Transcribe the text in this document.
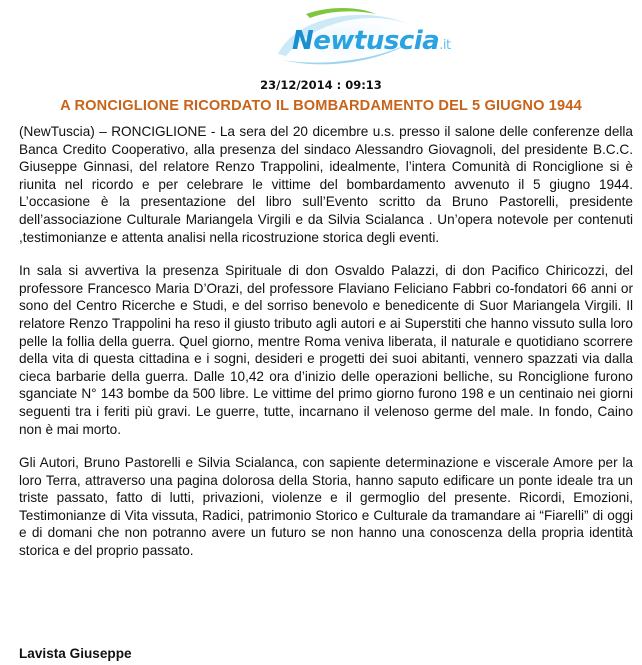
Newtuscia.it
23/12/2014 : 09:13
A RONCIGLIONE RICORDATO IL BOMBARDAMENTO DEL 5 GIUGNO 1944

(NewTuscia) – RONCIGLIONE - La sera del 20 dicembre u.s. presso il salone delle conferenze della Banca Credito Cooperativo, alla presenza del sindaco Alessandro Giovagnoli, del presidente B.C.C. Giuseppe Ginnasi, del relatore Renzo Trappolini, idealmente, l’intera Comunità di Ronciglione si è riunita nel ricordo e per celebrare le vittime del bombardamento avvenuto il 5 giugno 1944. L’occasione è la presentazione del libro sull’Evento scritto da Bruno Pastorelli, presidente dell’associazione Culturale Mariangela Virgili e da Silvia Scialanca . Un’opera notevole per contenuti ,testimonianze e attenta analisi nella ricostruzione storica degli eventi.

In sala si avvertiva la presenza Spirituale di don Osvaldo Palazzi, di don Pacifico Chiricozzi, del professore Francesco Maria D’Orazi, del professore Flaviano Feliciano Fabbri co-fondatori 66 anni or sono del Centro Ricerche e Studi, e del sorriso benevolo e benedicente di Suor Mariangela Virgili. Il relatore Renzo Trappolini ha reso il giusto tributo agli autori e ai Superstiti che hanno vissuto sulla loro pelle la follia della guerra. Quel giorno, mentre Roma veniva liberata, il naturale e quotidiano scorrere della vita di questa cittadina e i sogni, desideri e progetti dei suoi abitanti, vennero spazzati via dalla cieca barbarie della guerra. Dalle 10,42 ora d’inizio delle operazioni belliche, su Ronciglione furono sganciate N° 143 bombe da 500 libre. Le vittime del primo giorno furono 198 e un centinaio nei giorni seguenti tra i feriti più gravi. Le guerre, tutte, incarnano il velenoso germe del male. In fondo, Caino non è mai morto.

Gli Autori, Bruno Pastorelli e Silvia Scialanca, con sapiente determinazione e viscerale Amore per la loro Terra, attraverso una pagina dolorosa della Storia, hanno saputo edificare un ponte ideale tra un triste passato, fatto di lutti, privazioni, violenze e il germoglio del presente. Ricordi, Emozioni, Testimonianze di Vita vissuta, Radici, patrimonio Storico e Culturale da tramandare ai “Fiarelli” di oggi e di domani che non potranno avere un futuro se non hanno una conoscenza della propria identità storica e del proprio passato.

Lavista Giuseppe
